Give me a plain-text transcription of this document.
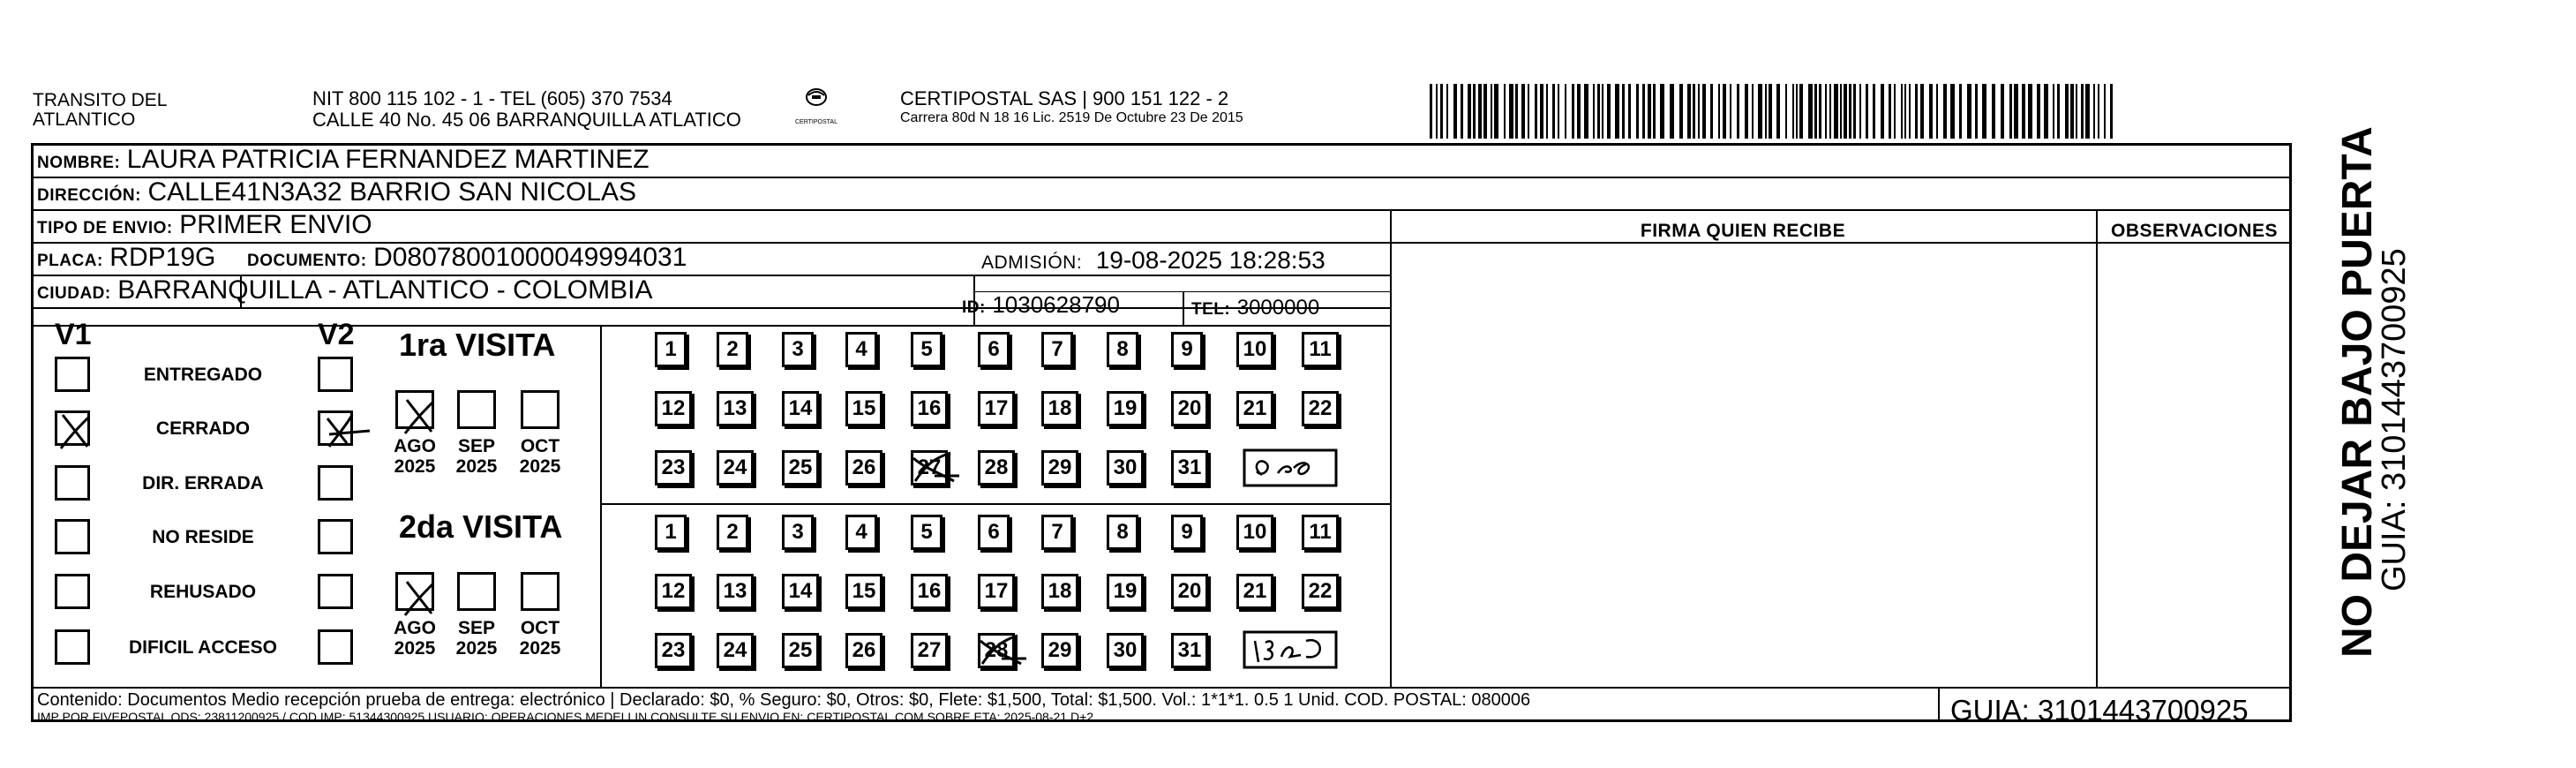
TRANSITO DEL
ATLANTICO
NIT 800 115 102 - 1 - TEL (605) 370 7534
CALLE 40 No. 45 06 BARRANQUILLA ATLATICO	CERTIPOSTAL
CERTIPOSTAL SAS | 900 151 122 - 2
Carrera 80d N 18 16 Lic. 2519 De Octubre 23 De 2015
NOMBRE: LAURA PATRICIA FERNANDEZ MARTINEZ
DIRECCIÓN: CALLE41N3A32 BARRIO SAN NICOLAS
TIPO DE ENVIO: PRIMER ENVIO
PLACA: RDP19G DOCUMENTO: D08078001000049994031	ADMISIÓN: 19-08-2025 18:28:53
CIUDAD: BARRANQUILLA - ATLANTICO - COLOMBIA
ID: 1030628790	TEL: 3000000
FIRMA QUIEN RECIBE	OBSERVACIONES
V1	V2
ENTREGADO
CERRADO
DIR. ERRADA
NO RESIDE
REHUSADO
DIFICIL ACCESO
1ra VISITA
2da VISITA
AGO
2025
SEP
2025
OCT
2025
AGO
2025
SEP
2025
OCT
2025
1	2	3	4	5	6	7	8	9	10	11
12	13	14	15	16	17	18	19	20	21	22
23	24	25	26	27	28	29	30	31
1	2	3	4	5	6	7	8	9	10	11
12	13	14	15	16	17	18	19	20	21	22
23	24	25	26	27	28	29	30	31	NO DEJAR BAJO PUERTA
GUIA: 3101443700925
Contenido: Documentos Medio recepción prueba de entrega: electrónico | Declarado: $0, % Seguro: $0, Otros: $0, Flete: $1,500, Total: $1,500. Vol.: 1*1*1. 0.5 1 Unid. COD. POSTAL: 080006
IMP POR FIVEPOSTAL ODS: 23811200925 / COD.IMP: 51344300925 USUARIO: OPERACIONES MEDELLIN CONSULTE SU ENVIO EN: CERTIPOSTAL.COM SOBRE ETA: 2025-08-21 D+2	GUIA: 3101443700925
